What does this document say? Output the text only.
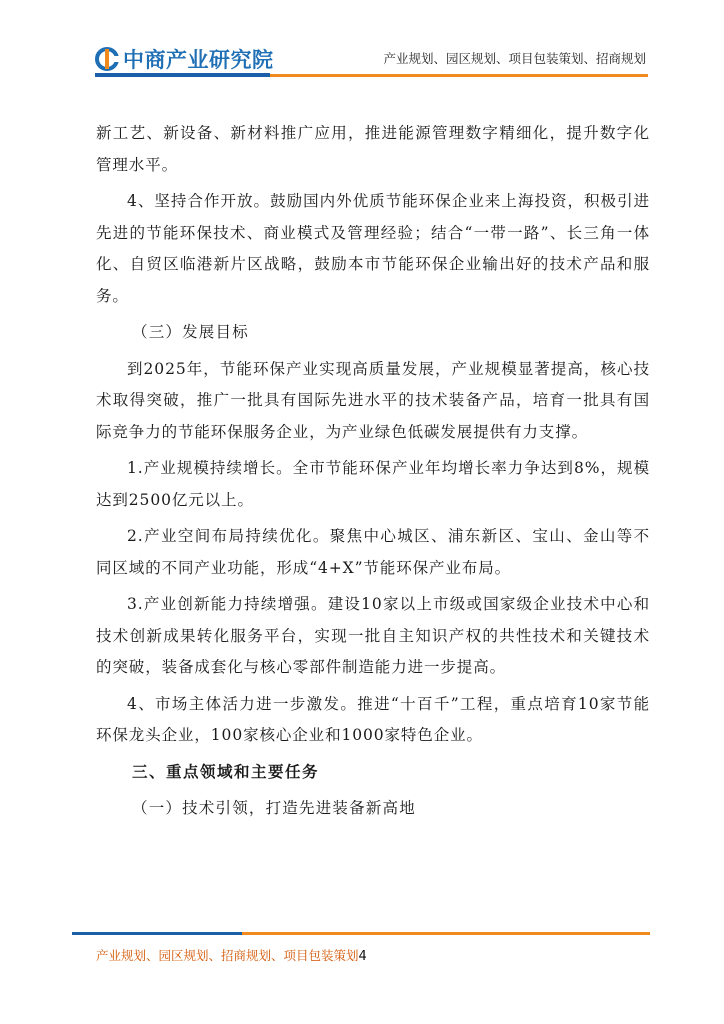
中商产业研究院	产业规划、园区规划、项目包装策划、招商规划

新工艺、新设备、新材料推广应用，推进能源管理数字精细化，提升数字化管理水平。

4、坚持合作开放。鼓励国内外优质节能环保企业来上海投资，积极引进先进的节能环保技术、商业模式及管理经验；结合“一带一路”、长三角一体化、自贸区临港新片区战略，鼓励本市节能环保企业输出好的技术产品和服务。

（三）发展目标

到2025年，节能环保产业实现高质量发展，产业规模显著提高，核心技术取得突破，推广一批具有国际先进水平的技术装备产品，培育一批具有国际竞争力的节能环保服务企业，为产业绿色低碳发展提供有力支撑。

1.产业规模持续增长。全市节能环保产业年均增长率力争达到8%，规模达到2500亿元以上。

2.产业空间布局持续优化。聚焦中心城区、浦东新区、宝山、金山等不同区域的不同产业功能，形成“4+X”节能环保产业布局。

3.产业创新能力持续增强。建设10家以上市级或国家级企业技术中心和技术创新成果转化服务平台，实现一批自主知识产权的共性技术和关键技术的突破，装备成套化与核心零部件制造能力进一步提高。

4、市场主体活力进一步激发。推进“十百千”工程，重点培育10家节能环保龙头企业，100家核心企业和1000家特色企业。

三、重点领域和主要任务

（一）技术引领，打造先进装备新高地

产业规划、园区规划、招商规划、项目包装策划4
